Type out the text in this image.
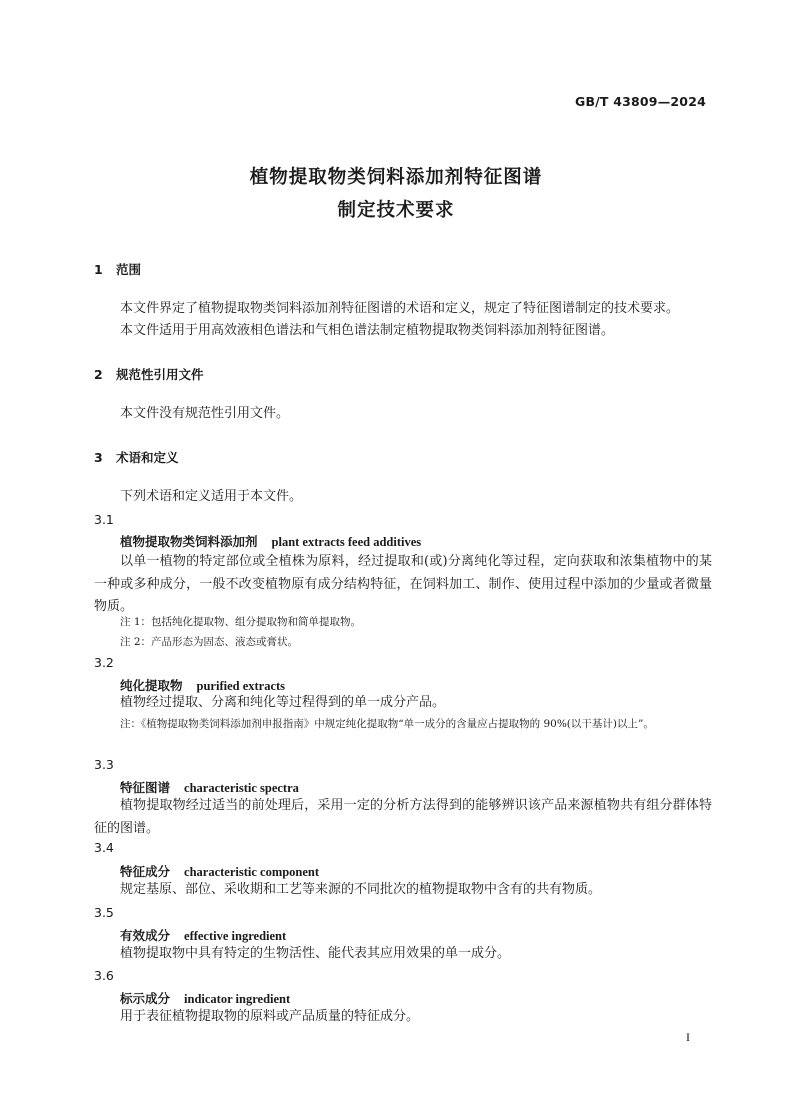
GB/T 43809—2024
植物提取物类饲料添加剂特征图谱
制定技术要求
1 范围
本文件界定了植物提取物类饲料添加剂特征图谱的术语和定义，规定了特征图谱制定的技术要求。
本文件适用于用高效液相色谱法和气相色谱法制定植物提取物类饲料添加剂特征图谱。
2 规范性引用文件
本文件没有规范性引用文件。
3 术语和定义
下列术语和定义适用于本文件。
3.1
植物提取物类饲料添加剂 plant extracts feed additives
以单一植物的特定部位或全植株为原料，经过提取和(或)分离纯化等过程，定向获取和浓集植物中的某一种或多种成分，一般不改变植物原有成分结构特征，在饲料加工、制作、使用过程中添加的少量或者微量物质。
注 1：包括纯化提取物、组分提取物和简单提取物。
注 2：产品形态为固态、液态或膏状。
3.2
纯化提取物 purified extracts
植物经过提取、分离和纯化等过程得到的单一成分产品。
注：《植物提取物类饲料添加剂申报指南》中规定纯化提取物“单一成分的含量应占提取物的 90%(以干基计)以上”。
3.3
特征图谱 characteristic spectra
植物提取物经过适当的前处理后，采用一定的分析方法得到的能够辨识该产品来源植物共有组分群体特征的图谱。
3.4
特征成分 characteristic component
规定基原、部位、采收期和工艺等来源的不同批次的植物提取物中含有的共有物质。
3.5
有效成分 effective ingredient
植物提取物中具有特定的生物活性、能代表其应用效果的单一成分。
3.6
标示成分 indicator ingredient
用于表征植物提取物的原料或产品质量的特征成分。
I
